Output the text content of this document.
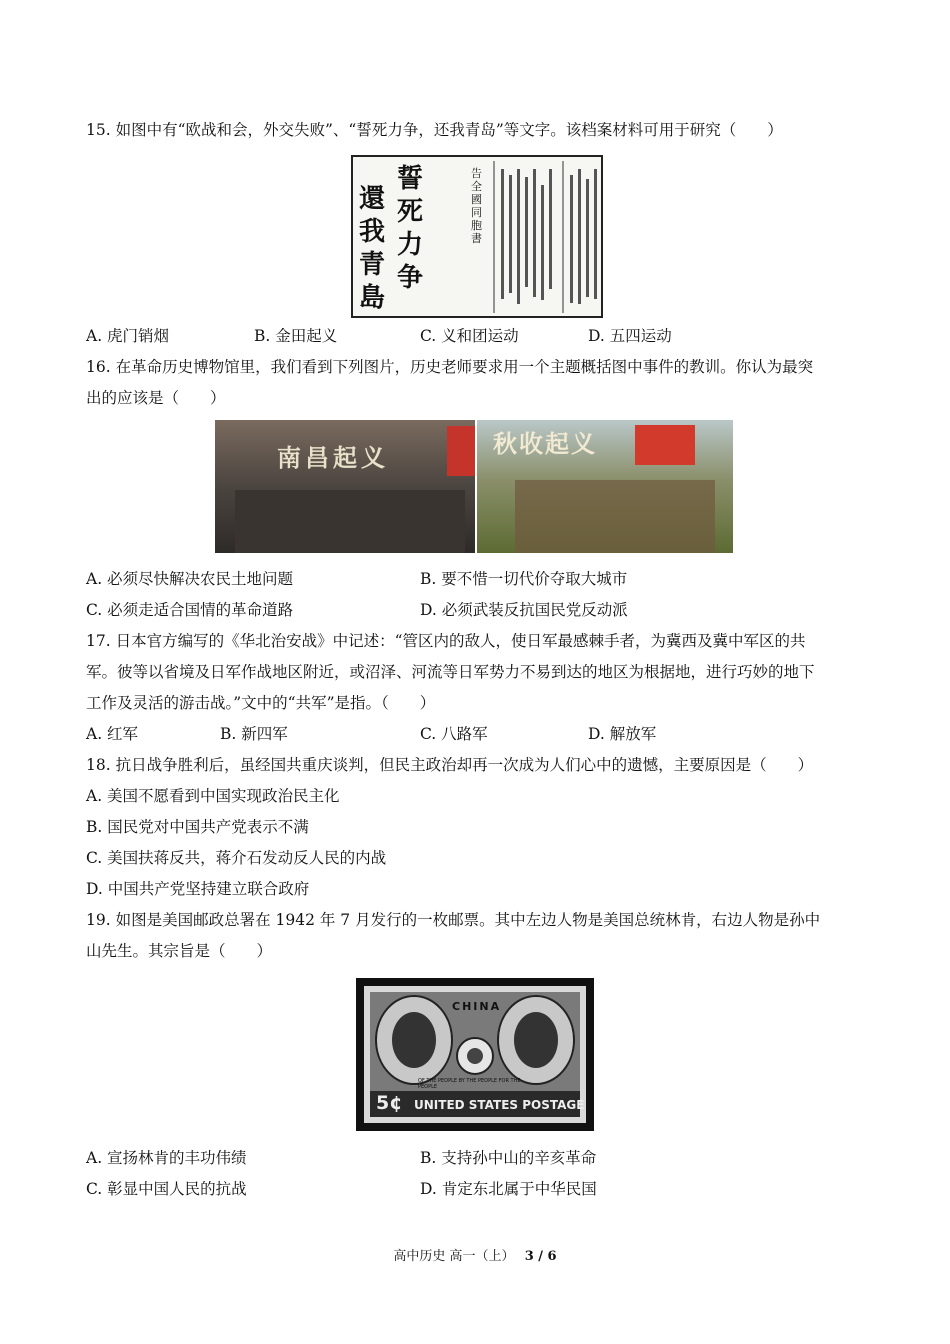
15. 如图中有“欧战和会，外交失败”、“誓死力争，还我青岛”等文字。该档案材料可用于研究（　　）
誓死力争
還我青島
告全國同胞書
A. 虎门销烟	B. 金田起义	C. 义和团运动	D. 五四运动
16. 在革命历史博物馆里，我们看到下列图片，历史老师要求用一个主题概括图中事件的教训。你认为最突
出的应该是（　　）
南昌起义	秋收起义
A. 必须尽快解决农民土地问题	B. 要不惜一切代价夺取大城市
C. 必须走适合国情的革命道路	D. 必须武装反抗国民党反动派
17. 日本官方编写的《华北治安战》中记述：“管区内的敌人，使日军最感棘手者，为冀西及冀中军区的共
军。彼等以省境及日军作战地区附近，或沼泽、河流等日军势力不易到达的地区为根据地，进行巧妙的地下
工作及灵活的游击战。”文中的“共军”是指。（　　）
A. 红军	B. 新四军	C. 八路军	D. 解放军
18. 抗日战争胜利后，虽经国共重庆谈判，但民主政治却再一次成为人们心中的遗憾，主要原因是（　　）
A. 美国不愿看到中国实现政治民主化
B. 国民党对中国共产党表示不满
C. 美国扶蒋反共，蒋介石发动反人民的内战
D. 中国共产党坚持建立联合政府
19. 如图是美国邮政总署在 1942 年 7 月发行的一枚邮票。其中左边人物是美国总统林肯，右边人物是孙中
山先生。其宗旨是（　　）
CHINA
OF THE PEOPLE BY THE PEOPLE FOR THE PEOPLE
5¢ UNITED STATES POSTAGE
A. 宣扬林肯的丰功伟绩	B. 支持孙中山的辛亥革命
C. 彰显中国人民的抗战	D. 肯定东北属于中华民国
高中历史 高一（上） 3 / 6
